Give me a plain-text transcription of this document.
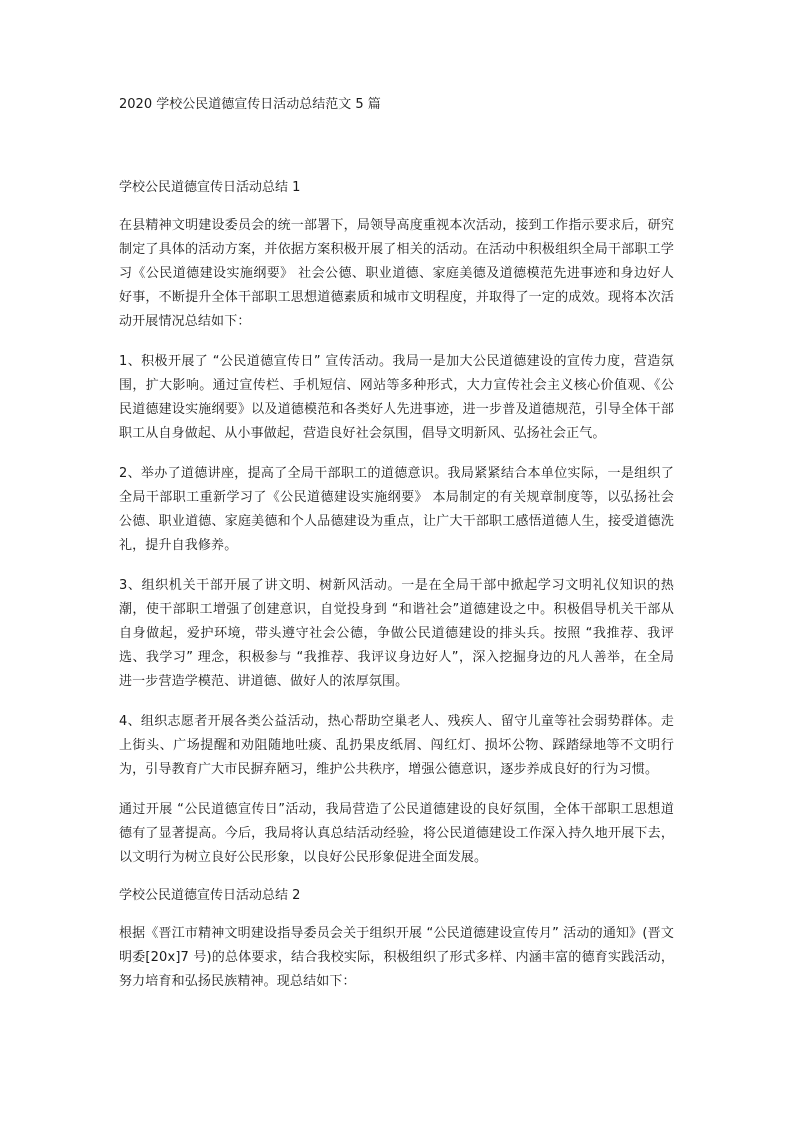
2020 学校公民道德宣传日活动总结范文 5 篇
学校公民道德宣传日活动总结 1

在县精神文明建设委员会的统一部署下，局领导高度重视本次活动，接到工作指示要求后，研究制定了具体的活动方案，并依据方案积极开展了相关的活动。在活动中积极组织全局干部职工学习《公民道德建设实施纲要》 社会公德、职业道德、家庭美德及道德模范先进事迹和身边好人好事，不断提升全体干部职工思想道德素质和城市文明程度，并取得了一定的成效。现将本次活动开展情况总结如下：

1、积极开展了 “公民道德宣传日” 宣传活动。我局一是加大公民道德建设的宣传力度，营造氛围，扩大影响。通过宣传栏、手机短信、网站等多种形式，大力宣传社会主义核心价值观、《公民道德建设实施纲要》以及道德模范和各类好人先进事迹，进一步普及道德规范，引导全体干部职工从自身做起、从小事做起，营造良好社会氛围，倡导文明新风、弘扬社会正气。

2、举办了道德讲座，提高了全局干部职工的道德意识。我局紧紧结合本单位实际，一是组织了全局干部职工重新学习了《公民道德建设实施纲要》 本局制定的有关规章制度等，以弘扬社会公德、职业道德、家庭美德和个人品德建设为重点，让广大干部职工感悟道德人生，接受道德洗礼，提升自我修养。

3、组织机关干部开展了讲文明、树新风活动。一是在全局干部中掀起学习文明礼仪知识的热潮，使干部职工增强了创建意识，自觉投身到 “和谐社会”道德建设之中。积极倡导机关干部从自身做起，爱护环境，带头遵守社会公德，争做公民道德建设的排头兵。按照 “我推荐、我评选、我学习” 理念，积极参与 “我推荐、我评议身边好人”，深入挖掘身边的凡人善举，在全局进一步营造学模范、讲道德、做好人的浓厚氛围。

4、组织志愿者开展各类公益活动，热心帮助空巢老人、残疾人、留守儿童等社会弱势群体。走上街头、广场提醒和劝阻随地吐痰、乱扔果皮纸屑、闯红灯、损坏公物、踩踏绿地等不文明行为，引导教育广大市民摒弃陋习，维护公共秩序，增强公德意识，逐步养成良好的行为习惯。

通过开展 “公民道德宣传日”活动，我局营造了公民道德建设的良好氛围，全体干部职工思想道德有了显著提高。今后，我局将认真总结活动经验，将公民道德建设工作深入持久地开展下去，以文明行为树立良好公民形象，以良好公民形象促进全面发展。

学校公民道德宣传日活动总结 2

根据《晋江市精神文明建设指导委员会关于组织开展 “公民道德建设宣传月” 活动的通知》(晋文明委[20x]7 号)的总体要求，结合我校实际，积极组织了形式多样、内涵丰富的德育实践活动，努力培育和弘扬民族精神。现总结如下：
